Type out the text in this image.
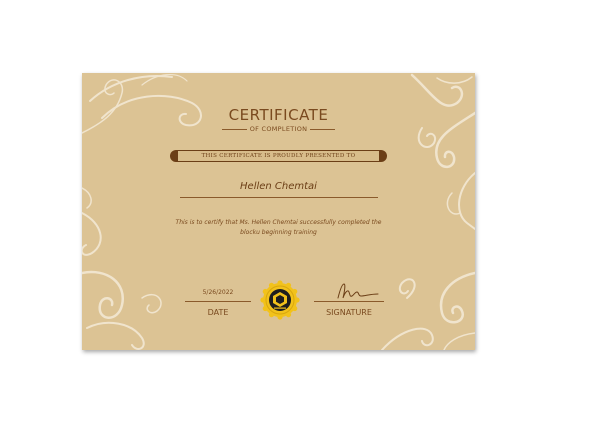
CERTIFICATE
OF COMPLETION
THIS CERTIFICATE IS PROUDLY PRESENTED TO
Hellen Chemtai
This is to certify that Ms. Hellen Chemtai successfully completed the blocku beginning training
5/26/2022
DATE	SIGNATURE
